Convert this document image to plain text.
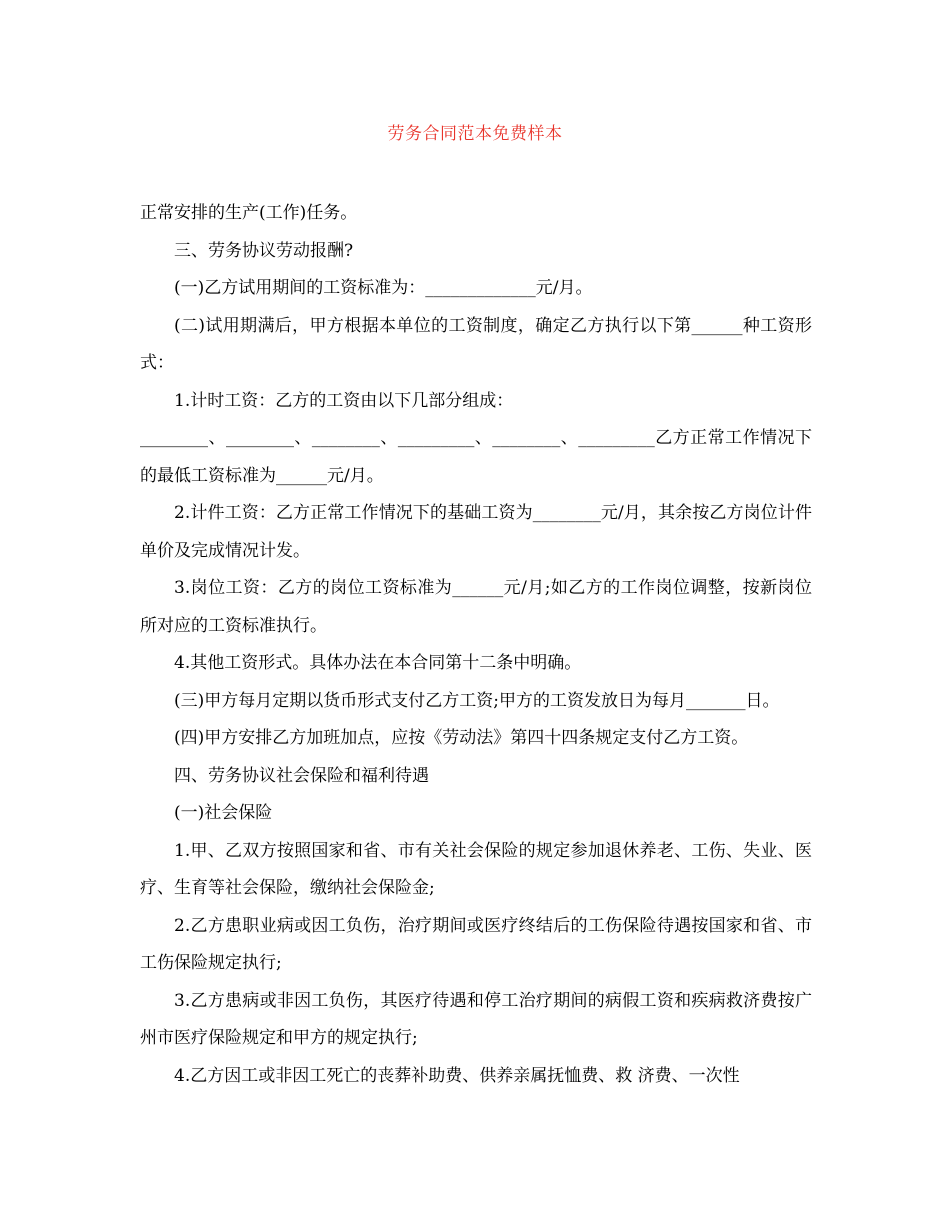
劳务合同范本免费样本

正常安排的生产(工作)任务。

三、劳务协议劳动报酬?

(一)乙方试用期间的工资标准为：_____________元/月。

(二)试用期满后，甲方根据本单位的工资制度，确定乙方执行以下第______种工资形式：

1.计时工资：乙方的工资由以下几部分组成：

________、________、________、_________、________、_________乙方正常工作情况下的最低工资标准为______元/月。

2.计件工资：乙方正常工作情况下的基础工资为________元/月，其余按乙方岗位计件单价及完成情况计发。

3.岗位工资：乙方的岗位工资标准为______元/月;如乙方的工作岗位调整，按新岗位所对应的工资标准执行。

4.其他工资形式。具体办法在本合同第十二条中明确。

(三)甲方每月定期以货币形式支付乙方工资;甲方的工资发放日为每月_______日。

(四)甲方安排乙方加班加点，应按《劳动法》第四十四条规定支付乙方工资。

四、劳务协议社会保险和福利待遇

(一)社会保险

1.甲、乙双方按照国家和省、市有关社会保险的规定参加退休养老、工伤、失业、医疗、生育等社会保险，缴纳社会保险金;

2.乙方患职业病或因工负伤，治疗期间或医疗终结后的工伤保险待遇按国家和省、市工伤保险规定执行;

3.乙方患病或非因工负伤，其医疗待遇和停工治疗期间的病假工资和疾病救济费按广州市医疗保险规定和甲方的规定执行;

4.乙方因工或非因工死亡的丧葬补助费、供养亲属抚恤费、救 济费、一次性
